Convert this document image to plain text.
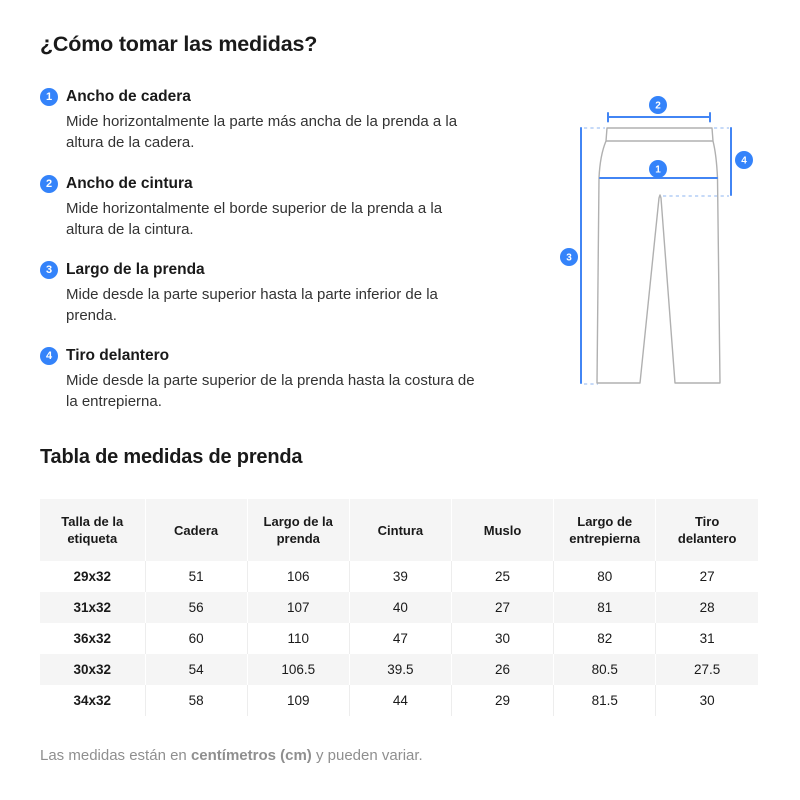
¿Cómo tomar las medidas?
1 Ancho de cadera

Mide horizontalmente la parte más ancha de la prenda a la altura de la cadera.

2 Ancho de cintura

Mide horizontalmente el borde superior de la prenda a la altura de la cintura.

3 Largo de la prenda

Mide desde la parte superior hasta la parte inferior de la prenda.

4 Tiro delantero

Mide desde la parte superior de la prenda hasta la costura de la entrepierna.

2
1
3
4
Tabla de medidas de prenda
Talla de la etiqueta	Cadera	Largo de la prenda	Cintura	Muslo	Largo de entrepierna	Tiro delantero
29x32	51	106	39	25	80	27
31x32	56	107	40	27	81	28
36x32	60	110	47	30	82	31
30x32	54	106.5	39.5	26	80.5	27.5
34x32	58	109	44	29	81.5	30

Las medidas están en centímetros (cm) y pueden variar.
